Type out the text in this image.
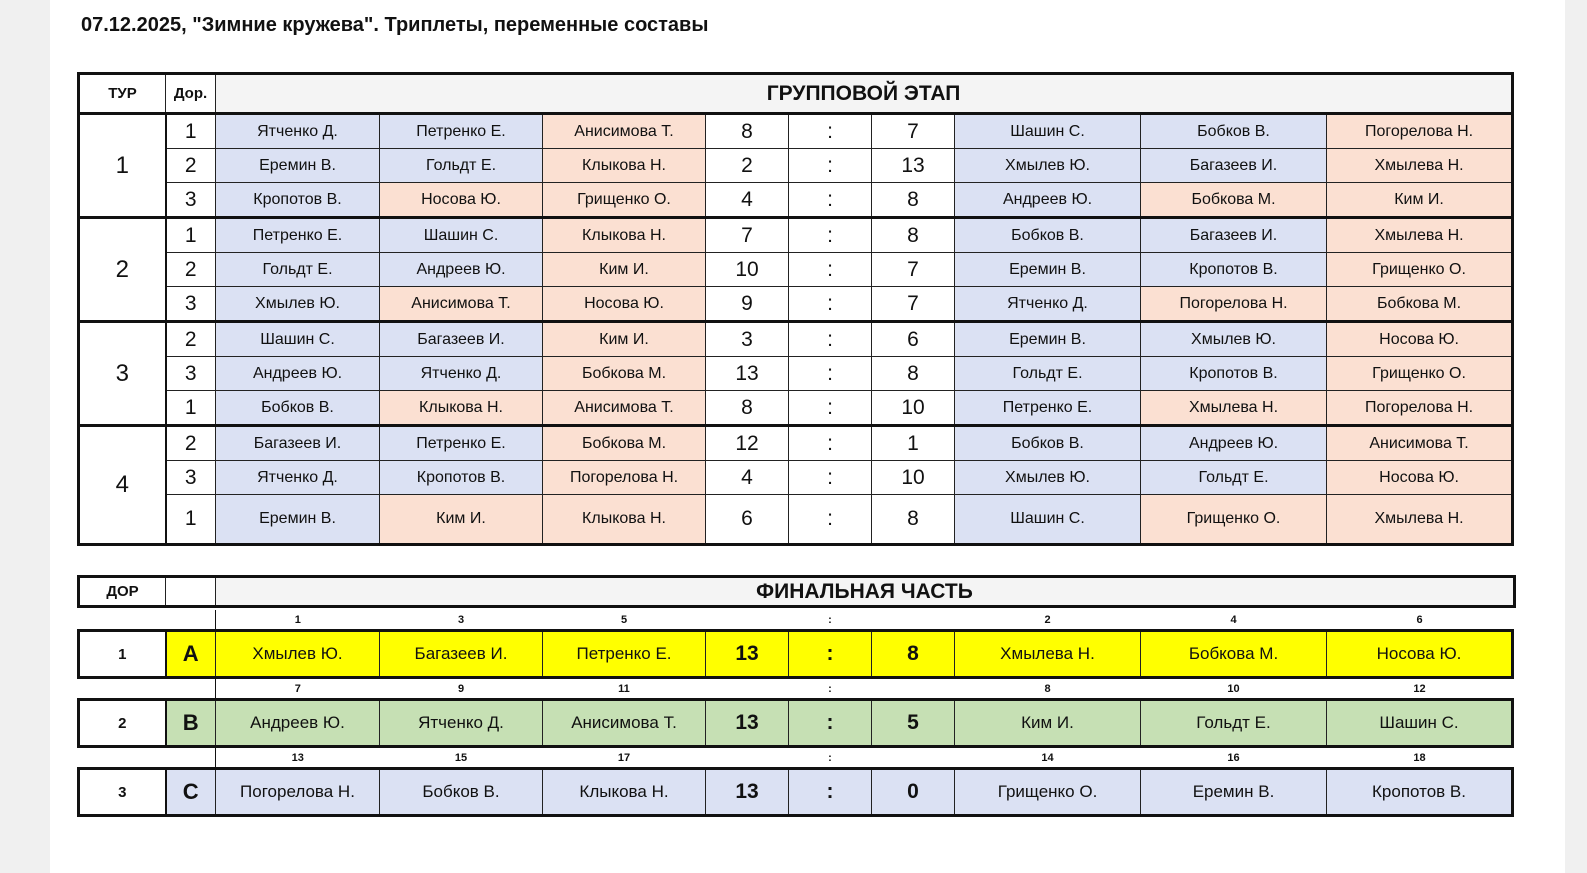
07.12.2025, "Зимние кружева". Триплеты, переменные составы
ТУР	Дор.	ГРУППОВОЙ ЭТАП								
1	1	Ятченко Д.	Петренко Е.	Анисимова Т.	8	:	7	Шашин С.	Бобков В.	Погорелова Н.
	2	Еремин В.	Гольдт Е.	Клыкова Н.	2	:	13	Хмылев Ю.	Багазеев И.	Хмылева Н.
	3	Кропотов В.	Носова Ю.	Грищенко О.	4	:	8	Андреев Ю.	Бобкова М.	Ким И.
2	1	Петренко Е.	Шашин С.	Клыкова Н.	7	:	8	Бобков В.	Багазеев И.	Хмылева Н.
	2	Гольдт Е.	Андреев Ю.	Ким И.	10	:	7	Еремин В.	Кропотов В.	Грищенко О.
	3	Хмылев Ю.	Анисимова Т.	Носова Ю.	9	:	7	Ятченко Д.	Погорелова Н.	Бобкова М.
3	2	Шашин С.	Багазеев И.	Ким И.	3	:	6	Еремин В.	Хмылев Ю.	Носова Ю.
	3	Андреев Ю.	Ятченко Д.	Бобкова М.	13	:	8	Гольдт Е.	Кропотов В.	Грищенко О.
	1	Бобков В.	Клыкова Н.	Анисимова Т.	8	:	10	Петренко Е.	Хмылева Н.	Погорелова Н.
4	2	Багазеев И.	Петренко Е.	Бобкова М.	12	:	1	Бобков В.	Андреев Ю.	Анисимова Т.
	3	Ятченко Д.	Кропотов В.	Погорелова Н.	4	:	10	Хмылев Ю.	Гольдт Е.	Носова Ю.
	1	Еремин В.	Ким И.	Клыкова Н.	6	:	8	Шашин С.	Грищенко О.	Хмылева Н.
ДОР		ФИНАЛЬНАЯ ЧАСТЬ
		1	3	5		:		2	4	6
1	A	Хмылев Ю.	Багазеев И.	Петренко Е.	13	:	8	Хмылева Н.	Бобкова М.	Носова Ю.
		7	9	11		:		8	10	12
2	B	Андреев Ю.	Ятченко Д.	Анисимова Т.	13	:	5	Ким И.	Гольдт Е.	Шашин С.
		13	15	17		:		14	16	18
3	C	Погорелова Н.	Бобков В.	Клыкова Н.	13	:	0	Грищенко О.	Еремин В.	Кропотов В.
